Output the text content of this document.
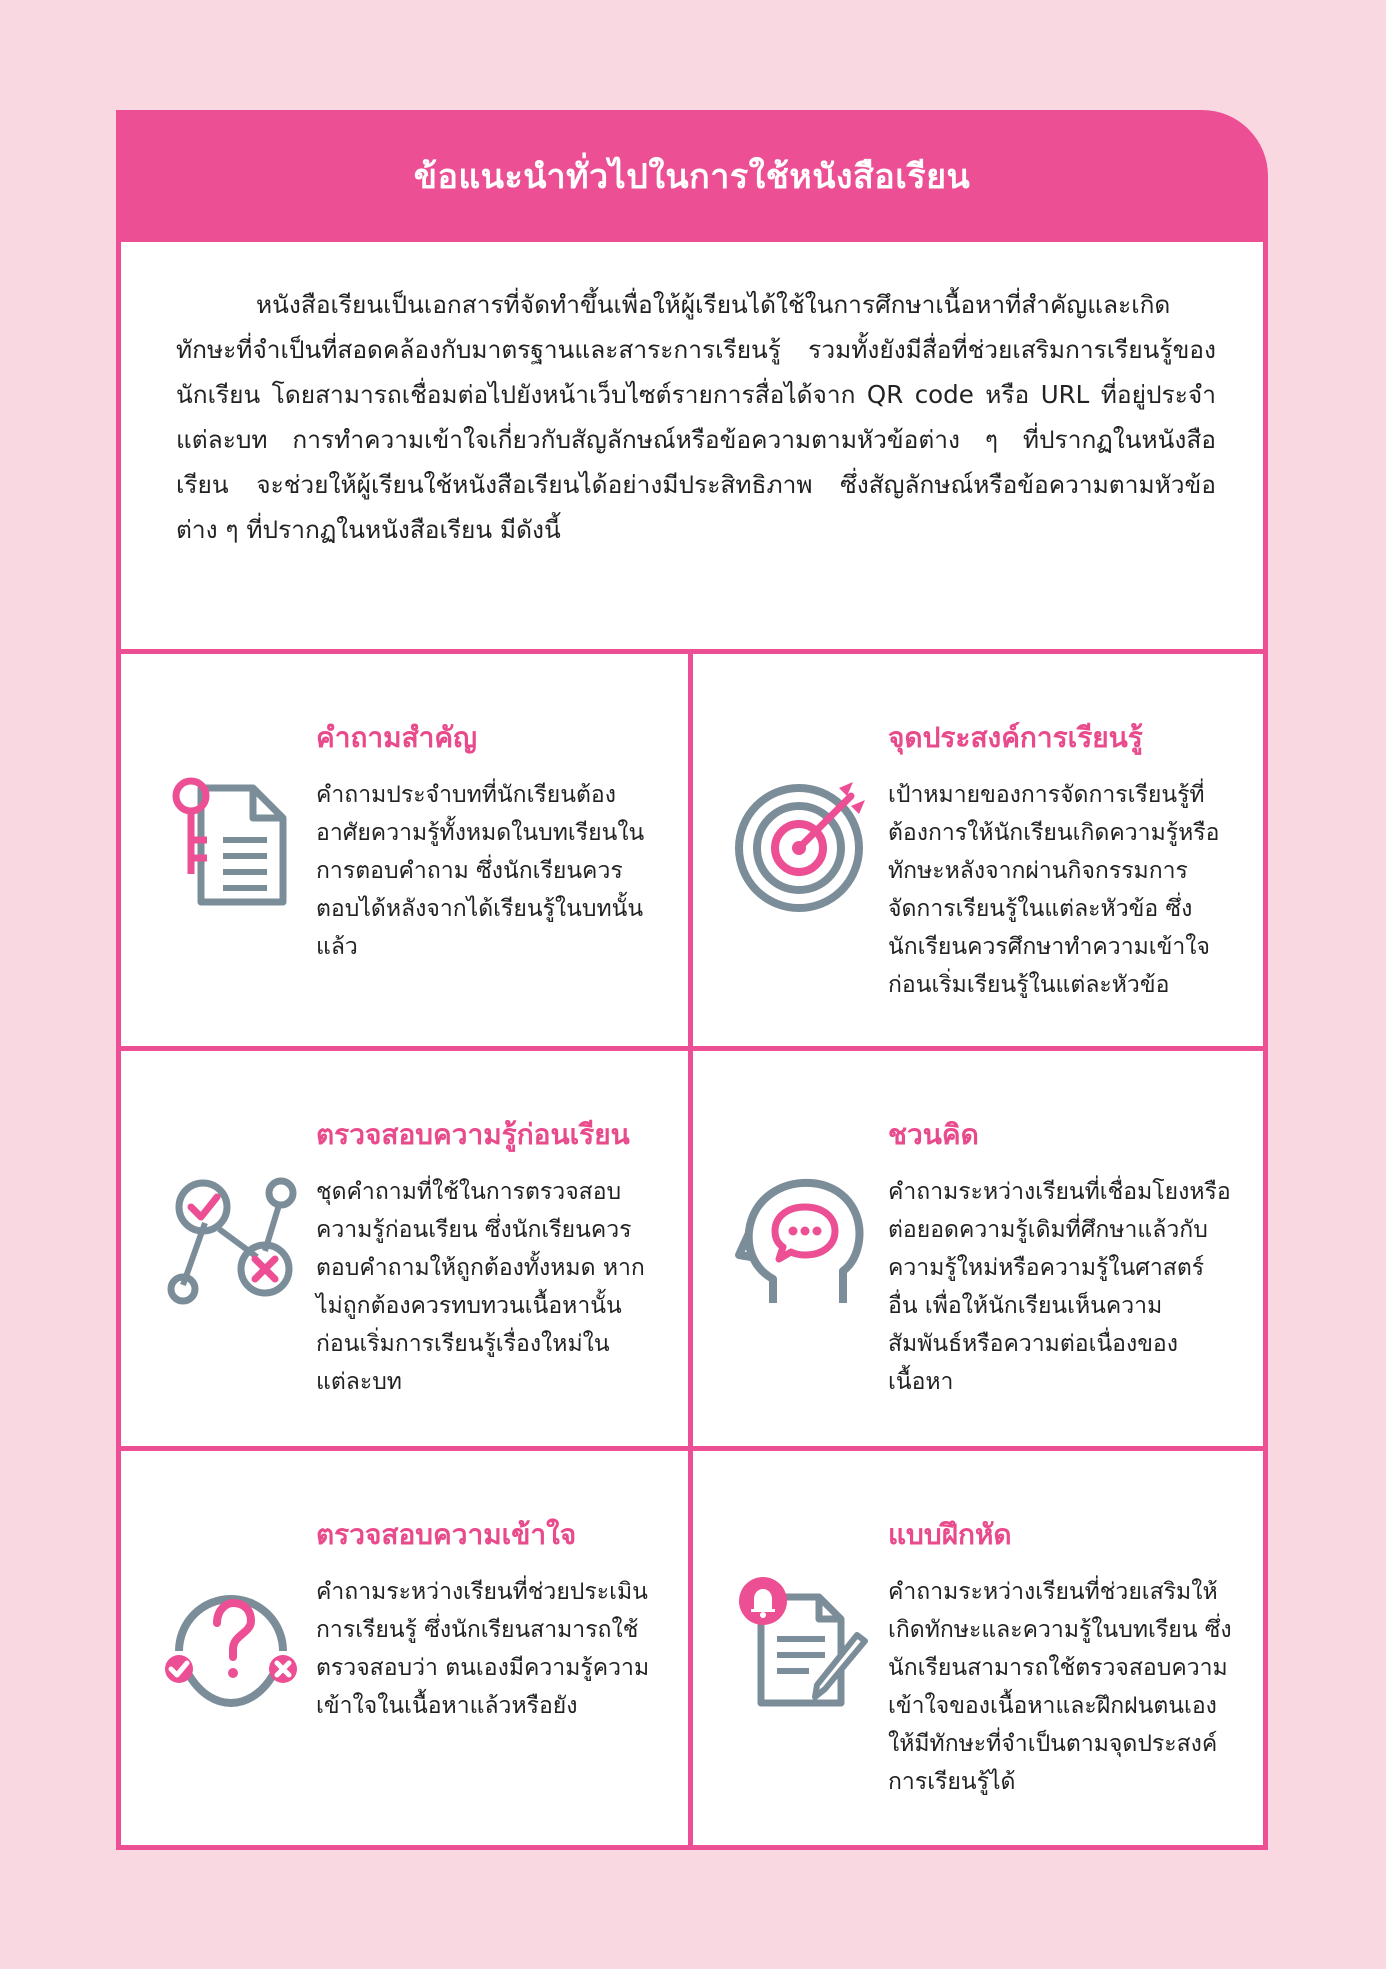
ข้อแนะนำทั่วไปในการใช้หนังสือเรียน

หนังสือเรียนเป็นเอกสารที่จัดทำขึ้นเพื่อให้ผู้เรียนได้ใช้ในการศึกษาเนื้อหาที่สำคัญและเกิดทักษะที่จำเป็นที่สอดคล้องกับมาตรฐานและสาระการเรียนรู้ รวมทั้งยังมีสื่อที่ช่วยเสริมการเรียนรู้ของนักเรียน โดยสามารถเชื่อมต่อไปยังหน้าเว็บไซต์รายการสื่อได้จาก QR code หรือ URL ที่อยู่ประจำแต่ละบท การทำความเข้าใจเกี่ยวกับสัญลักษณ์หรือข้อความตามหัวข้อต่าง ๆ ที่ปรากฏในหนังสือเรียน จะช่วยให้ผู้เรียนใช้หนังสือเรียนได้อย่างมีประสิทธิภาพ ซึ่งสัญลักษณ์หรือข้อความตามหัวข้อต่าง ๆ ที่ปรากฏในหนังสือเรียน มีดังนี้

คำถามสำคัญ
คำถามประจำบทที่นักเรียนต้องอาศัยความรู้ทั้งหมดในบทเรียนในการตอบคำถาม ซึ่งนักเรียนควรตอบได้หลังจากได้เรียนรู้ในบทนั้นแล้ว
จุดประสงค์การเรียนรู้
เป้าหมายของการจัดการเรียนรู้ที่ต้องการให้นักเรียนเกิดความรู้หรือทักษะหลังจากผ่านกิจกรรมการจัดการเรียนรู้ในแต่ละหัวข้อ ซึ่งนักเรียนควรศึกษาทำความเข้าใจก่อนเริ่มเรียนรู้ในแต่ละหัวข้อ
ตรวจสอบความรู้ก่อนเรียน
ชุดคำถามที่ใช้ในการตรวจสอบความรู้ก่อนเรียน ซึ่งนักเรียนควรตอบคำถามให้ถูกต้องทั้งหมด หากไม่ถูกต้องควรทบทวนเนื้อหานั้นก่อนเริ่มการเรียนรู้เรื่องใหม่ในแต่ละบท
ชวนคิด
คำถามระหว่างเรียนที่เชื่อมโยงหรือต่อยอดความรู้เดิมที่ศึกษาแล้วกับความรู้ใหม่หรือความรู้ในศาสตร์อื่น เพื่อให้นักเรียนเห็นความสัมพันธ์หรือความต่อเนื่องของเนื้อหา
ตรวจสอบความเข้าใจ
คำถามระหว่างเรียนที่ช่วยประเมินการเรียนรู้ ซึ่งนักเรียนสามารถใช้ตรวจสอบว่า ตนเองมีความรู้ความเข้าใจในเนื้อหาแล้วหรือยัง
แบบฝึกหัด
คำถามระหว่างเรียนที่ช่วยเสริมให้เกิดทักษะและความรู้ในบทเรียน ซึ่งนักเรียนสามารถใช้ตรวจสอบความเข้าใจของเนื้อหาและฝึกฝนตนเองให้มีทักษะที่จำเป็นตามจุดประสงค์การเรียนรู้ได้
